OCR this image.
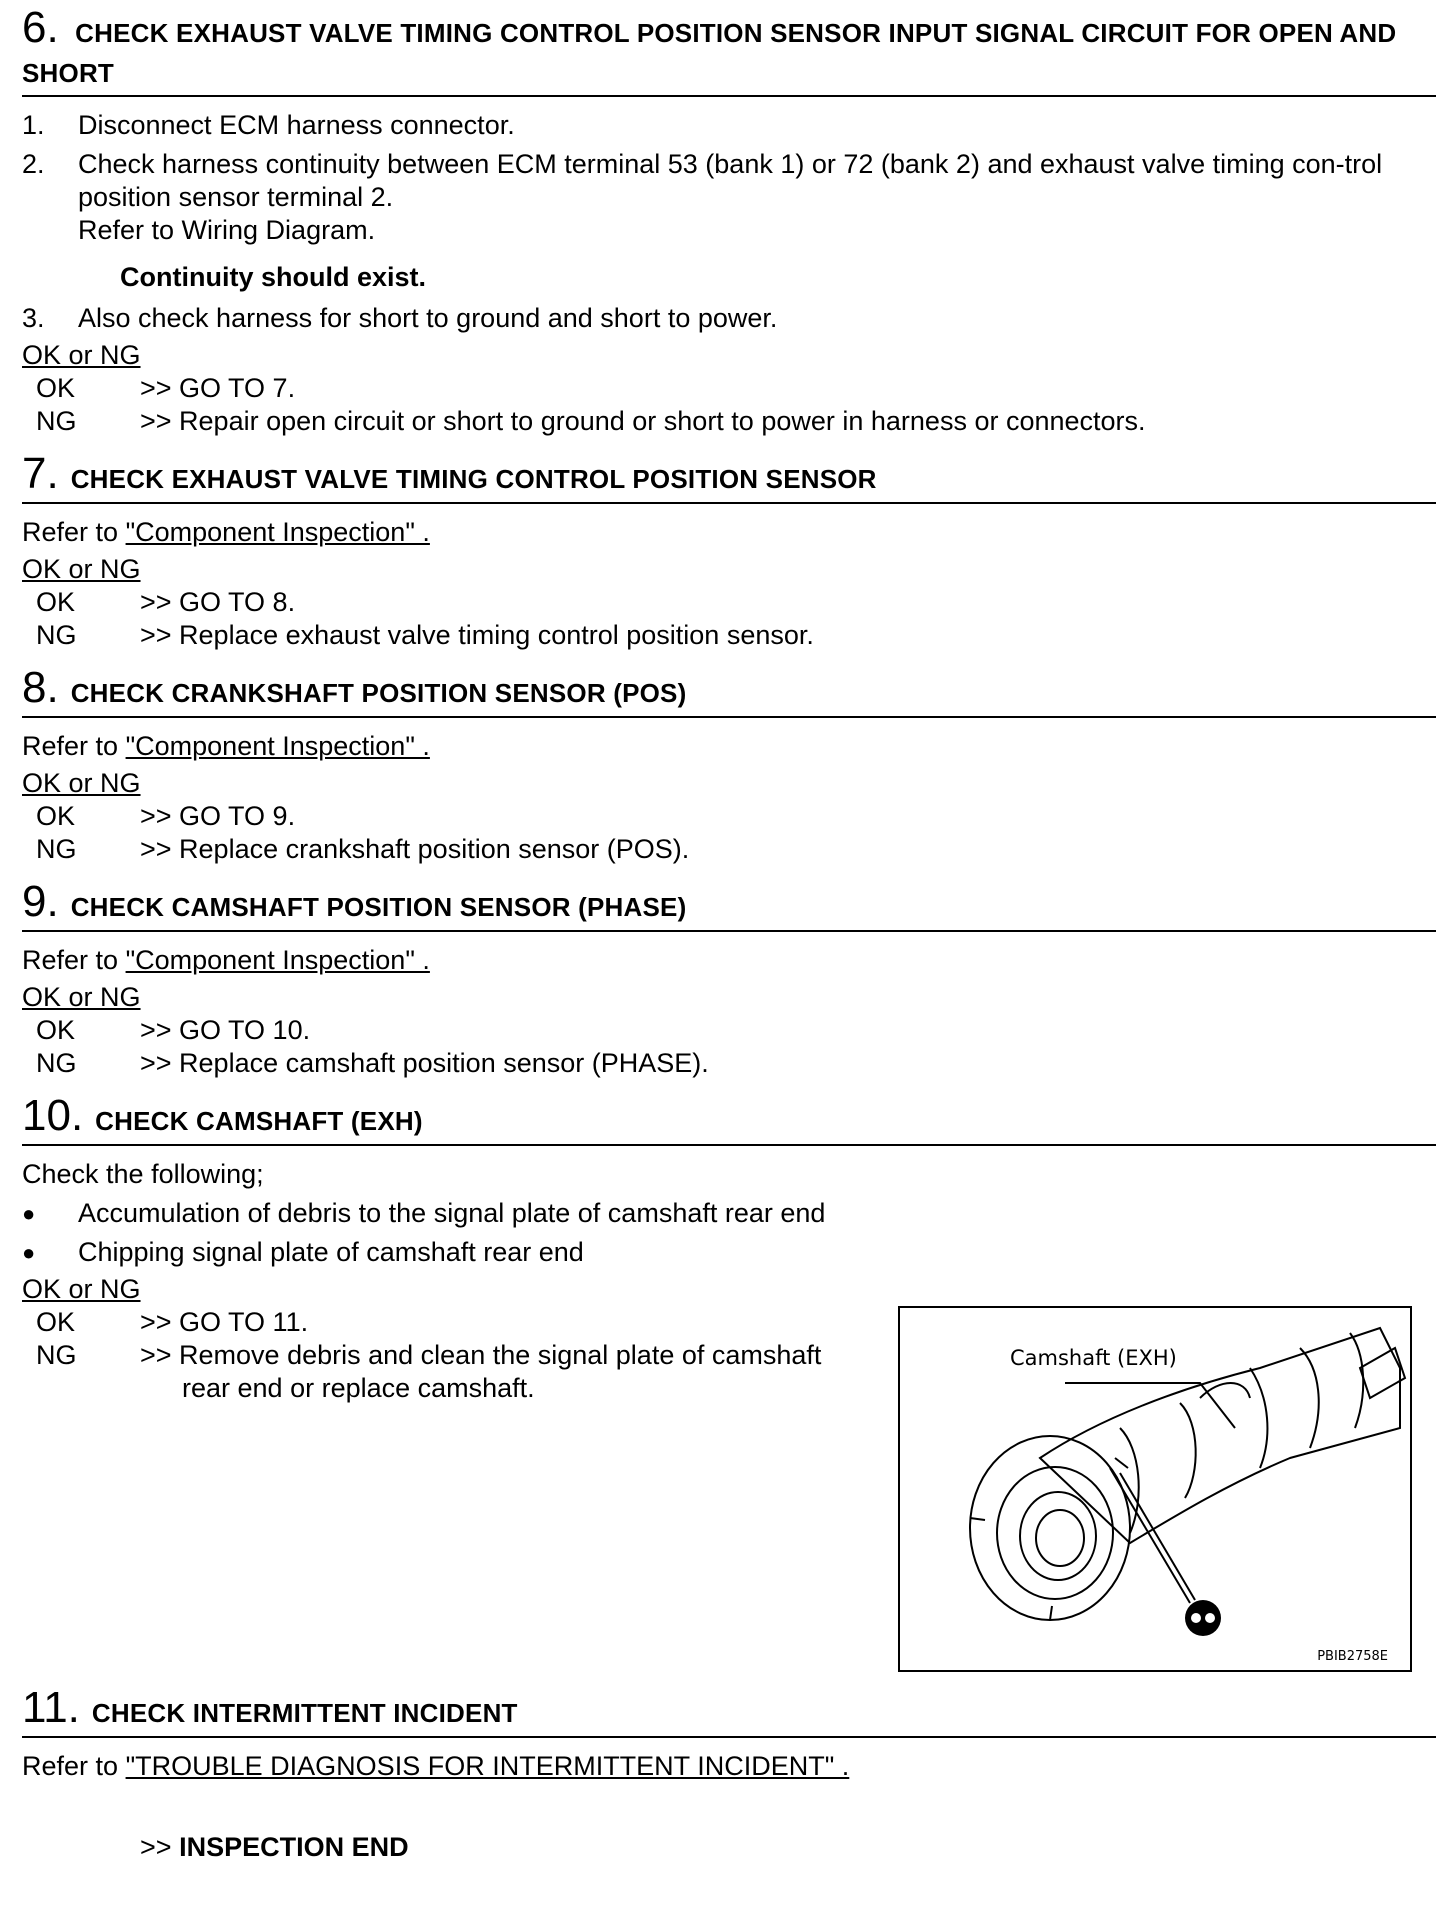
6. CHECK EXHAUST VALVE TIMING CONTROL POSITION SENSOR INPUT SIGNAL CIRCUIT FOR OPEN AND SHORT
1.	Disconnect ECM harness connector.
2.	Check harness continuity between ECM terminal 53 (bank 1) or 72 (bank 2) and exhaust valve timing con-trol position sensor terminal 2.
Refer to Wiring Diagram.
Continuity should exist.
3.	Also check harness for short to ground and short to power.
OK or NG
OK	>> GO TO 7.
NG	>> Repair open circuit or short to ground or short to power in harness or connectors.
7. CHECK EXHAUST VALVE TIMING CONTROL POSITION SENSOR
Refer to "Component Inspection" .
OK or NG
OK	>> GO TO 8.
NG	>> Replace exhaust valve timing control position sensor.
8. CHECK CRANKSHAFT POSITION SENSOR (POS)
Refer to "Component Inspection" .
OK or NG
OK	>> GO TO 9.
NG	>> Replace crankshaft position sensor (POS).
9. CHECK CAMSHAFT POSITION SENSOR (PHASE)
Refer to "Component Inspection" .
OK or NG
OK	>> GO TO 10.
NG	>> Replace camshaft position sensor (PHASE).
10. CHECK CAMSHAFT (EXH)
Check the following;
●	Accumulation of debris to the signal plate of camshaft rear end
●	Chipping signal plate of camshaft rear end
OK or NG
OK	>> GO TO 11.
NG	>> Remove debris and clean the signal plate of camshaft
rear end or replace camshaft.
Camshaft (EXH)
PBIB2758E
11. CHECK INTERMITTENT INCIDENT
Refer to "TROUBLE DIAGNOSIS FOR INTERMITTENT INCIDENT" .
>> INSPECTION END
